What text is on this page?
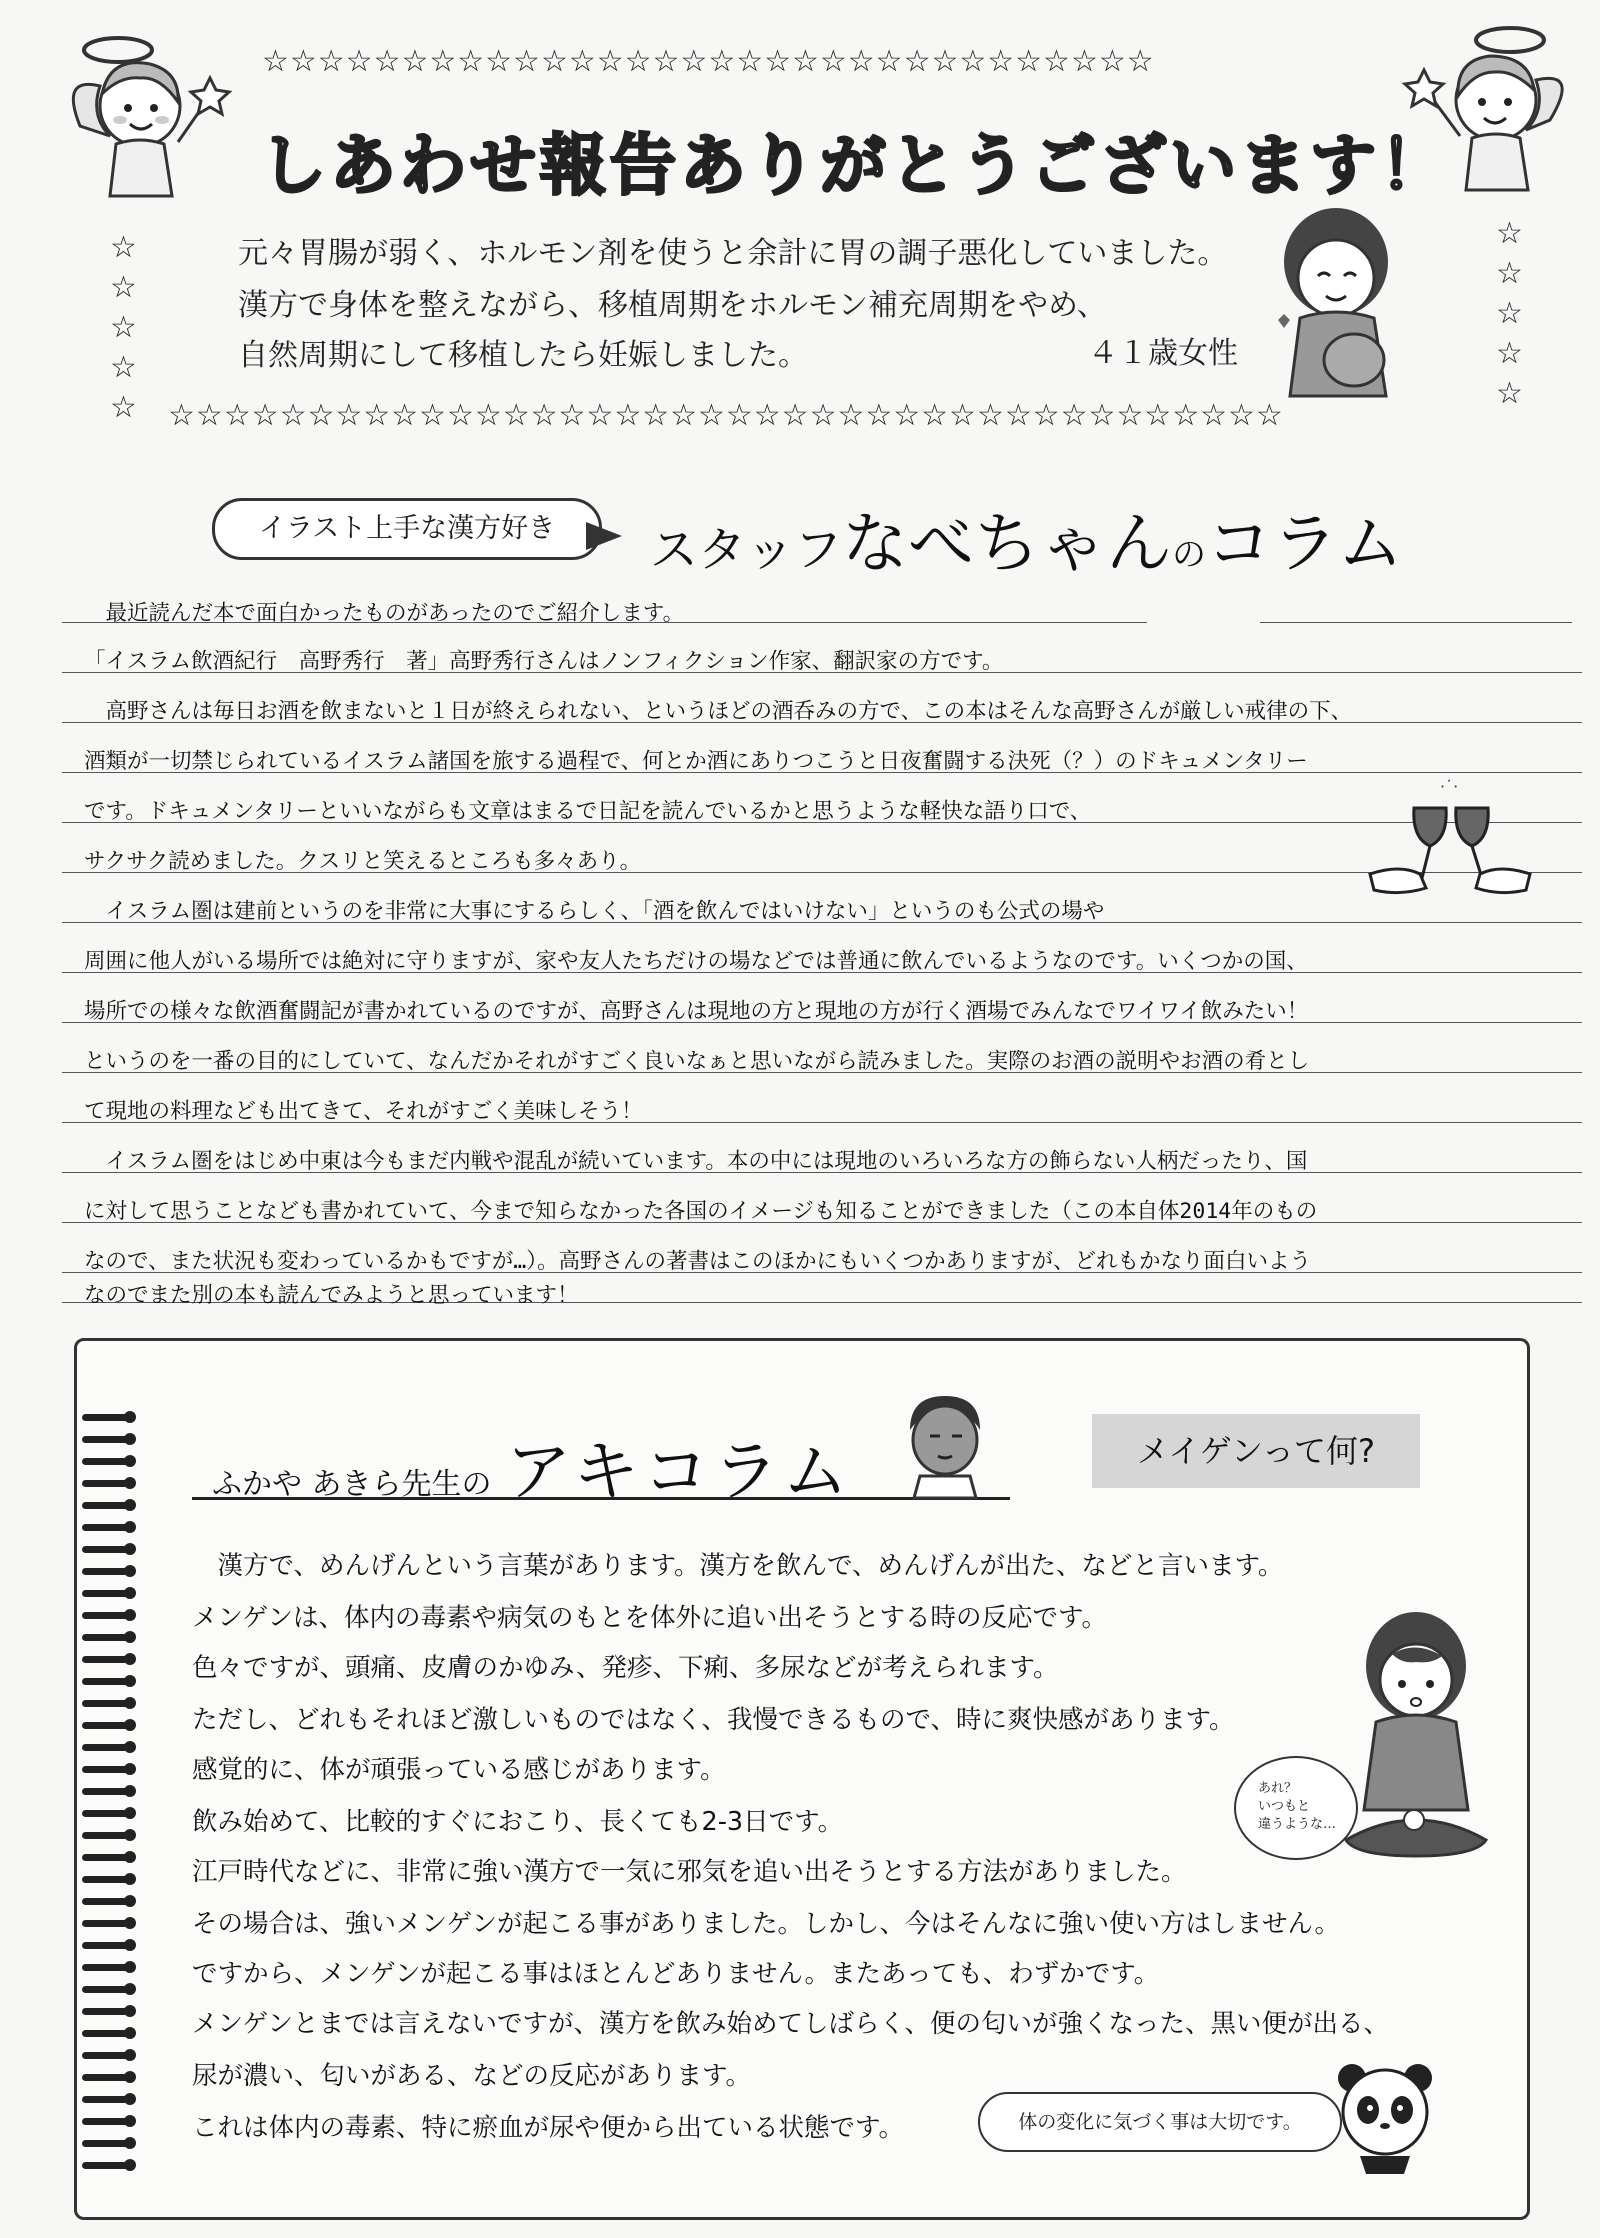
☆☆☆☆☆☆☆☆☆☆☆☆☆☆☆☆☆☆☆☆☆☆☆☆☆☆☆☆☆☆☆☆
☆☆☆☆☆☆☆☆☆☆☆☆☆☆☆☆☆☆☆☆☆☆☆☆☆☆☆☆☆☆☆☆☆☆☆☆☆☆☆☆
☆
☆
☆
☆
☆
☆
☆
☆
☆
☆
しあわせ報告ありがとうございます！
元々胃腸が弱く、ホルモン剤を使うと余計に胃の調子悪化していました。
漢方で身体を整えながら、移植周期をホルモン補充周期をやめ、
自然周期にして移植したら妊娠しました。	４１歳女性
イラスト上手な漢方好き	スタッフなべちゃんのコラム
　最近読んだ本で面白かったものがあったのでご紹介します。
「イスラム飲酒紀行　高野秀行　著」高野秀行さんはノンフィクション作家、翻訳家の方です。
　高野さんは毎日お酒を飲まないと１日が終えられない、というほどの酒呑みの方で、この本はそんな高野さんが厳しい戒律の下、
酒類が一切禁じられているイスラム諸国を旅する過程で、何とか酒にありつこうと日夜奮闘する決死（？）のドキュメンタリー
です。ドキュメンタリーといいながらも文章はまるで日記を読んでいるかと思うような軽快な語り口で、
サクサク読めました。クスリと笑えるところも多々あり。
　イスラム圏は建前というのを非常に大事にするらしく、「酒を飲んではいけない」というのも公式の場や
周囲に他人がいる場所では絶対に守りますが、家や友人たちだけの場などでは普通に飲んでいるようなのです。いくつかの国、
場所での様々な飲酒奮闘記が書かれているのですが、高野さんは現地の方と現地の方が行く酒場でみんなでワイワイ飲みたい！
というのを一番の目的にしていて、なんだかそれがすごく良いなぁと思いながら読みました。実際のお酒の説明やお酒の肴とし
て現地の料理なども出てきて、それがすごく美味しそう！
　イスラム圏をはじめ中東は今もまだ内戦や混乱が続いています。本の中には現地のいろいろな方の飾らない人柄だったり、国
に対して思うことなども書かれていて、今まで知らなかった各国のイメージも知ることができました（この本自体2014年のもの
なので、また状況も変わっているかもですが…）。高野さんの著書はこのほかにもいくつかありますが、どれもかなり面白いよう
なのでまた別の本も読んでみようと思っています！
·˙·
ふかや あきら先生の アキコラム	メイゲンって何?
　漢方で、めんげんという言葉があります。漢方を飲んで、めんげんが出た、などと言います。
メンゲンは、体内の毒素や病気のもとを体外に追い出そうとする時の反応です。
色々ですが、頭痛、皮膚のかゆみ、発疹、下痢、多尿などが考えられます。
ただし、どれもそれほど激しいものではなく、我慢できるもので、時に爽快感があります。
感覚的に、体が頑張っている感じがあります。
飲み始めて、比較的すぐにおこり、長くても2-3日です。
江戸時代などに、非常に強い漢方で一気に邪気を追い出そうとする方法がありました。
その場合は、強いメンゲンが起こる事がありました。しかし、今はそんなに強い使い方はしません。
ですから、メンゲンが起こる事はほとんどありません。またあっても、わずかです。
メンゲンとまでは言えないですが、漢方を飲み始めてしばらく、便の匂いが強くなった、黒い便が出る、
尿が濃い、匂いがある、などの反応があります。
これは体内の毒素、特に瘀血が尿や便から出ている状態です。
あれ？
いつもと
違うような…
体の変化に気づく事は大切です。
